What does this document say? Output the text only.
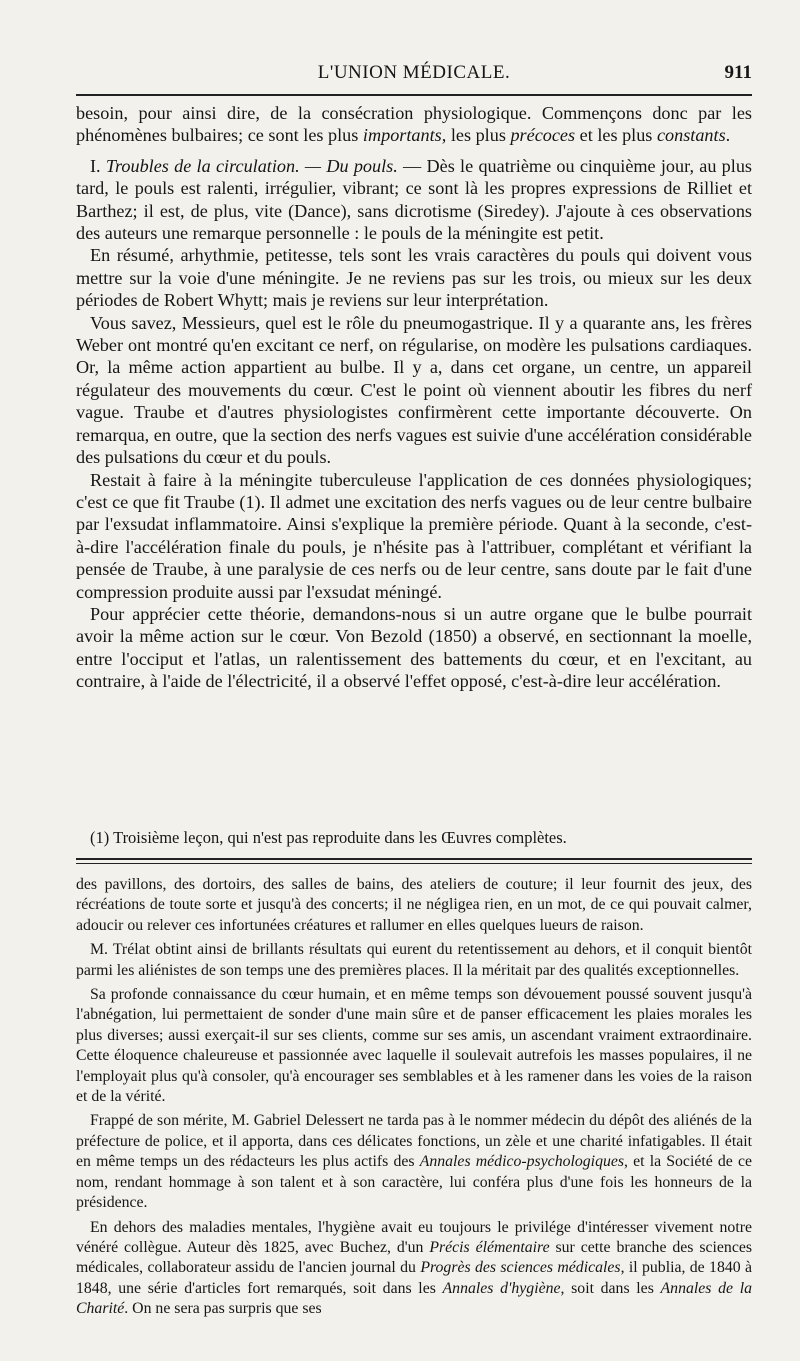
L'UNION MÉDICALE.	911

besoin, pour ainsi dire, de la consécration physiologique. Commençons donc par les phénomènes bulbaires; ce sont les plus importants, les plus précoces et les plus constants.

I. Troubles de la circulation. — Du pouls. — Dès le quatrième ou cinquième jour, au plus tard, le pouls est ralenti, irrégulier, vibrant; ce sont là les propres expressions de Rilliet et Barthez; il est, de plus, vite (Dance), sans dicrotisme (Siredey). J'ajoute à ces observations des auteurs une remarque personnelle : le pouls de la méningite est petit.

En résumé, arhythmie, petitesse, tels sont les vrais caractères du pouls qui doivent vous mettre sur la voie d'une méningite. Je ne reviens pas sur les trois, ou mieux sur les deux périodes de Robert Whytt; mais je reviens sur leur interprétation.

Vous savez, Messieurs, quel est le rôle du pneumogastrique. Il y a quarante ans, les frères Weber ont montré qu'en excitant ce nerf, on régularise, on modère les pulsations cardiaques. Or, la même action appartient au bulbe. Il y a, dans cet organe, un centre, un appareil régulateur des mouvements du cœur. C'est le point où viennent aboutir les fibres du nerf vague. Traube et d'autres physiologistes confirmèrent cette importante découverte. On remarqua, en outre, que la section des nerfs vagues est suivie d'une accélération considérable des pulsations du cœur et du pouls.

Restait à faire à la méningite tuberculeuse l'application de ces données physiologiques; c'est ce que fit Traube (1). Il admet une excitation des nerfs vagues ou de leur centre bulbaire par l'exsudat inflammatoire. Ainsi s'explique la première période. Quant à la seconde, c'est-à-dire l'accélération finale du pouls, je n'hésite pas à l'attribuer, complétant et vérifiant la pensée de Traube, à une paralysie de ces nerfs ou de leur centre, sans doute par le fait d'une compression produite aussi par l'exsudat méningé.

Pour apprécier cette théorie, demandons-nous si un autre organe que le bulbe pourrait avoir la même action sur le cœur. Von Bezold (1850) a observé, en sectionnant la moelle, entre l'occiput et l'atlas, un ralentissement des battements du cœur, et en l'excitant, au contraire, à l'aide de l'électricité, il a observé l'effet opposé, c'est-à-dire leur accélération.

(1) Troisième leçon, qui n'est pas reproduite dans les Œuvres complètes.

des pavillons, des dortoirs, des salles de bains, des ateliers de couture; il leur fournit des jeux, des récréations de toute sorte et jusqu'à des concerts; il ne négligea rien, en un mot, de ce qui pouvait calmer, adoucir ou relever ces infortunées créatures et rallumer en elles quelques lueurs de raison.

M. Trélat obtint ainsi de brillants résultats qui eurent du retentissement au dehors, et il conquit bientôt parmi les aliénistes de son temps une des premières places. Il la méritait par des qualités exceptionnelles.

Sa profonde connaissance du cœur humain, et en même temps son dévouement poussé souvent jusqu'à l'abnégation, lui permettaient de sonder d'une main sûre et de panser efficacement les plaies morales les plus diverses; aussi exerçait-il sur ses clients, comme sur ses amis, un ascendant vraiment extraordinaire. Cette éloquence chaleureuse et passionnée avec laquelle il soulevait autrefois les masses populaires, il ne l'employait plus qu'à consoler, qu'à encourager ses semblables et à les ramener dans les voies de la raison et de la vérité.

Frappé de son mérite, M. Gabriel Delessert ne tarda pas à le nommer médecin du dépôt des aliénés de la préfecture de police, et il apporta, dans ces délicates fonctions, un zèle et une charité infatigables. Il était en même temps un des rédacteurs les plus actifs des Annales médico-psychologiques, et la Société de ce nom, rendant hommage à son talent et à son caractère, lui conféra plus d'une fois les honneurs de la présidence.

En dehors des maladies mentales, l'hygiène avait eu toujours le privilége d'intéresser vivement notre vénéré collègue. Auteur dès 1825, avec Buchez, d'un Précis élémentaire sur cette branche des sciences médicales, collaborateur assidu de l'ancien journal du Progrès des sciences médicales, il publia, de 1840 à 1848, une série d'articles fort remarqués, soit dans les Annales d'hygiène, soit dans les Annales de la Charité. On ne sera pas surpris que ses
